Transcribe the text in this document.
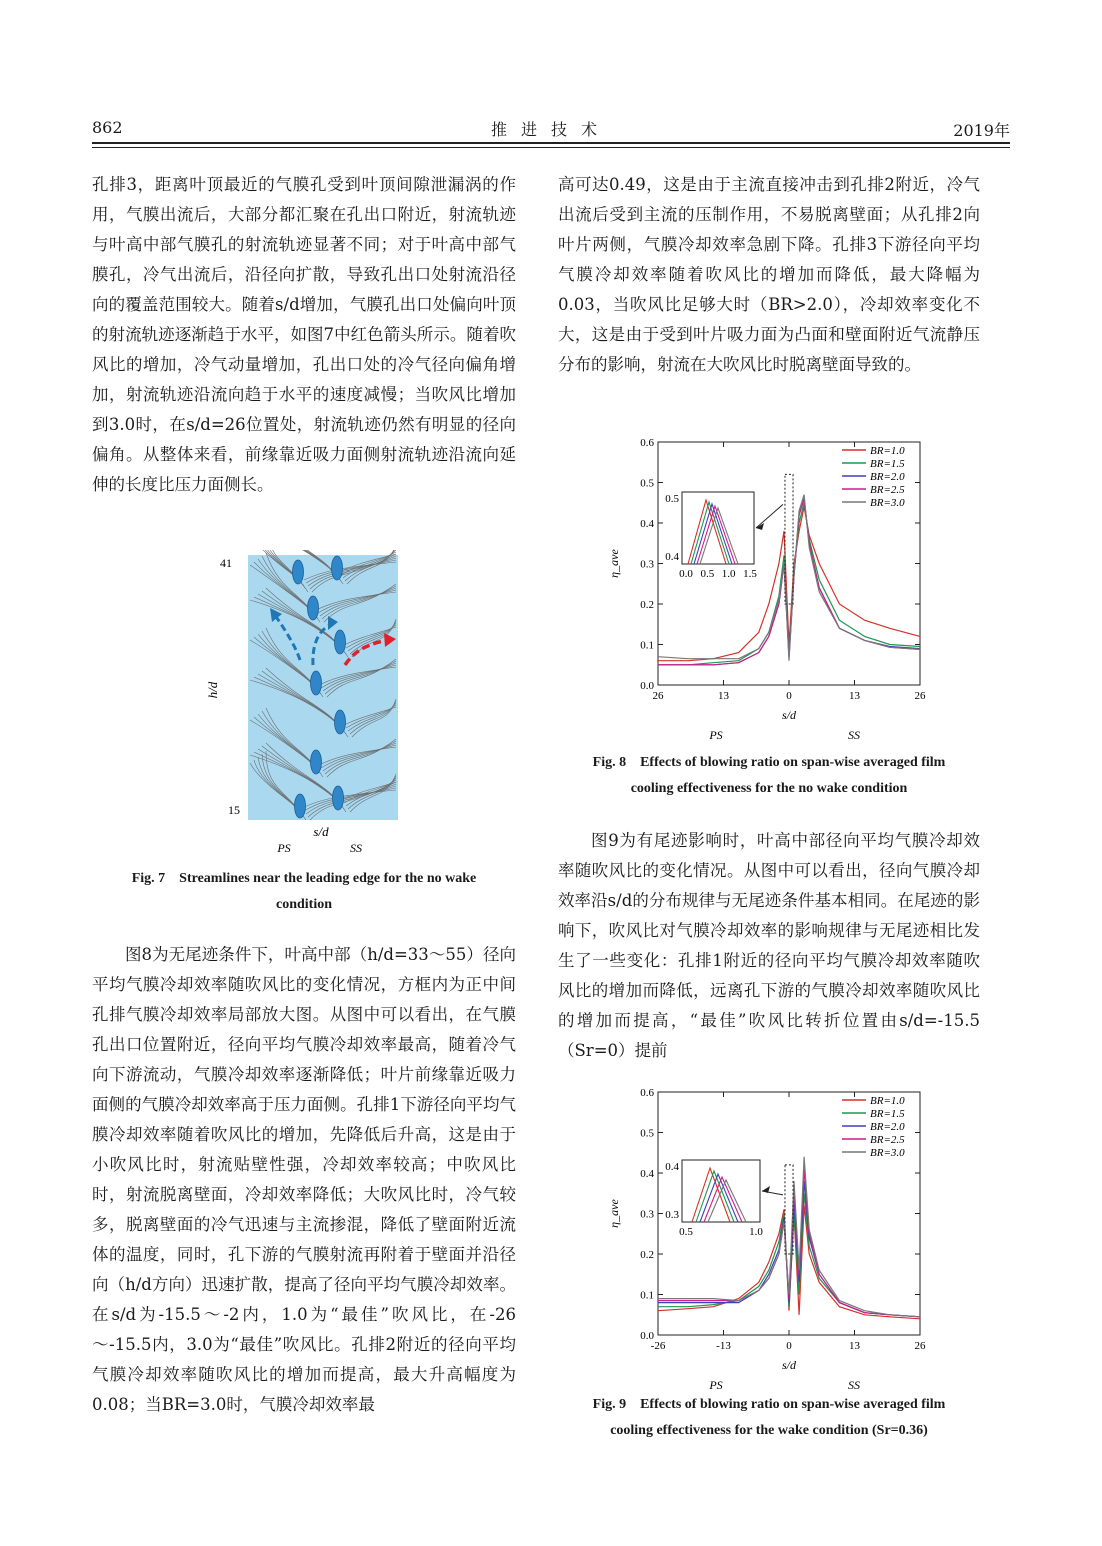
862	推进技术	2019年

孔排3，距离叶顶最近的气膜孔受到叶顶间隙泄漏涡的作用，气膜出流后，大部分都汇聚在孔出口附近，射流轨迹与叶高中部气膜孔的射流轨迹显著不同；对于叶高中部气膜孔，冷气出流后，沿径向扩散，导致孔出口处射流沿径向的覆盖范围较大。随着s/d增加，气膜孔出口处偏向叶顶的射流轨迹逐渐趋于水平，如图7中红色箭头所示。随着吹风比的增加，冷气动量增加，孔出口处的冷气径向偏角增加，射流轨迹沿流向趋于水平的速度减慢；当吹风比增加到3.0时，在s/d=26位置处，射流轨迹仍然有明显的径向偏角。从整体来看，前缘靠近吸力面侧射流轨迹沿流向延伸的长度比压力面侧长。

图8为无尾迹条件下，叶高中部（h/d=33～55）径向平均气膜冷却效率随吹风比的变化情况，方框内为正中间孔排气膜冷却效率局部放大图。从图中可以看出，在气膜孔出口位置附近，径向平均气膜冷却效率最高，随着冷气向下游流动，气膜冷却效率逐渐降低；叶片前缘靠近吸力面侧的气膜冷却效率高于压力面侧。孔排1下游径向平均气膜冷却效率随着吹风比的增加，先降低后升高，这是由于小吹风比时，射流贴壁性强，冷却效率较高；中吹风比时，射流脱离壁面，冷却效率降低；大吹风比时，冷气较多，脱离壁面的冷气迅速与主流掺混，降低了壁面附近流体的温度，同时，孔下游的气膜射流再附着于壁面并沿径向（h/d方向）迅速扩散，提高了径向平均气膜冷却效率。在s/d为-15.5～-2内，1.0为“最佳”吹风比，在-26～-15.5内，3.0为“最佳”吹风比。孔排2附近的径向平均气膜冷却效率随吹风比的增加而提高，最大升高幅度为0.08；当BR=3.0时，气膜冷却效率最

高可达0.49，这是由于主流直接冲击到孔排2附近，冷气出流后受到主流的压制作用，不易脱离壁面；从孔排2向叶片两侧，气膜冷却效率急剧下降。孔排3下游径向平均气膜冷却效率随着吹风比的增加而降低，最大降幅为0.03，当吹风比足够大时（BR>2.0），冷却效率变化不大，这是由于受到叶片吸力面为凸面和壁面附近气流静压分布的影响，射流在大吹风比时脱离壁面导致的。

图9为有尾迹影响时，叶高中部径向平均气膜冷却效率随吹风比的变化情况。从图中可以看出，径向气膜冷却效率沿s/d的分布规律与无尾迹条件基本相同。在尾迹的影响下，吹风比对气膜冷却效率的影响规律与无尾迹相比发生了一些变化：孔排1附近的径向平均气膜冷却效率随吹风比的增加而降低，远离孔下游的气膜冷却效率随吹风比的增加而提高，“最佳”吹风比转折位置由s/d=-15.5（Sr=0）提前

41
15
h/d
s/d
PS	SS
Fig. 7　Streamlines near the leading edge for the no wake
condition
0.0
0.1
0.2
0.3
0.4
0.5
0.6
26	13	0	13	26
s/d
η_ave
PS	SS
BR=1.0
BR=1.5
BR=2.0
BR=2.5
BR=3.0
0.0 0.5 1.0 1.5
0.5
0.4
Fig. 8　Effects of blowing ratio on span-wise averaged film
cooling effectiveness for the no wake condition
0.0
0.1
0.2
0.3
0.4
0.5
0.6
-26	-13	0	13	26
s/d
η_ave
PS	SS
BR=1.0
BR=1.5
BR=2.0
BR=2.5
BR=3.0
0.5	1.0
0.4
0.3
Fig. 9　Effects of blowing ratio on span-wise averaged film
cooling effectiveness for the wake condition (Sr=0.36)
